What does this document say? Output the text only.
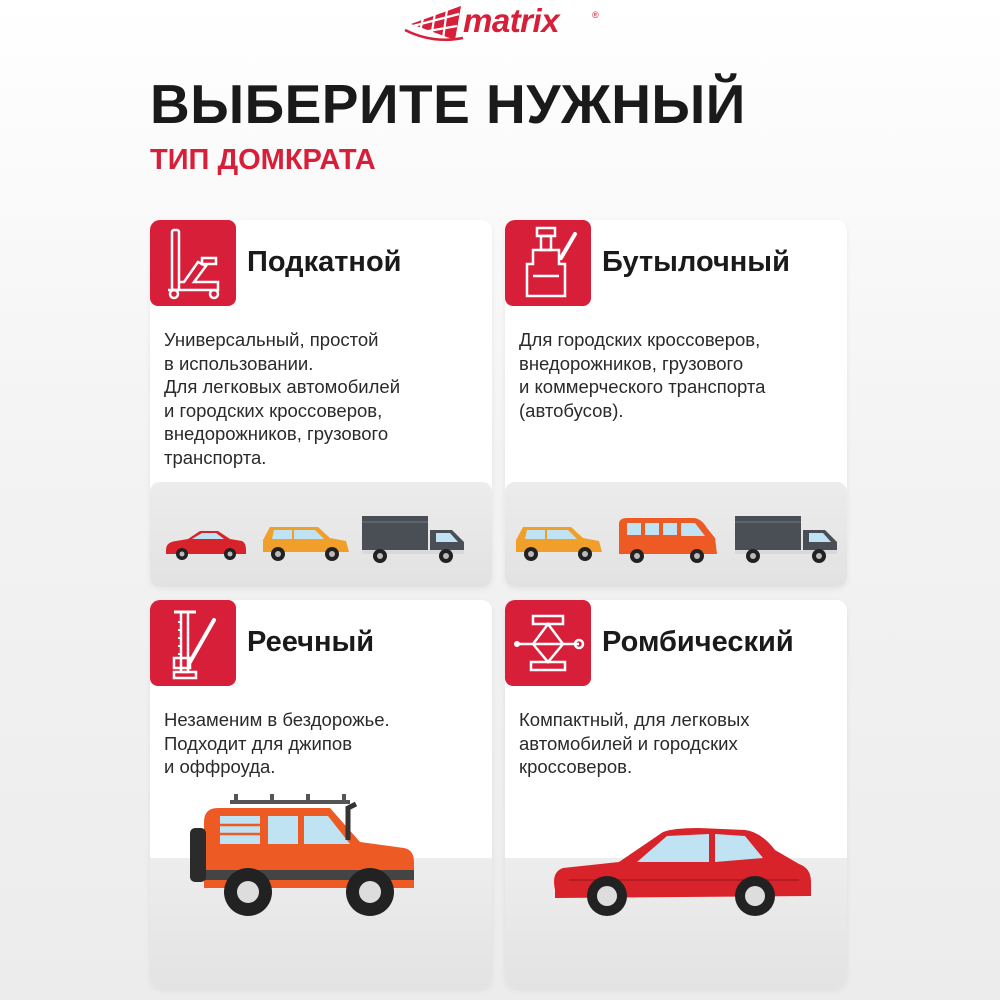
matrix	®
ВЫБЕРИТЕ НУЖНЫЙ
ТИП ДОМКРАТА
Подкатной
Универсальный, простой
в использовании.
Для легковых автомобилей
и городских кроссоверов,
внедорожников, грузового
транспорта.
Бутылочный
Для городских кроссоверов,
внедорожников, грузового
и коммерческого транспорта
(автобусов).
Реечный
Незаменим в бездорожье.
Подходит для джипов
и оффроуда.
Ромбический
Компактный, для легковых
автомобилей и городских
кроссоверов.
